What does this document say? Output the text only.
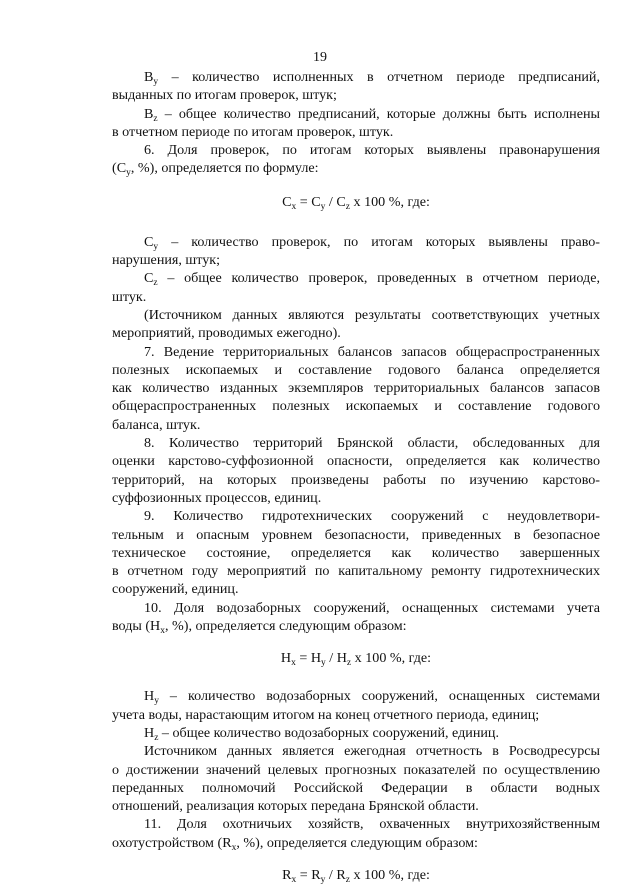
19
$B_y$ – количество исполненных в отчетном периоде предписаний,
выданных по итогам проверок, штук;
$B_z$ – общее количество предписаний, которые должны быть исполнены
в отчетном периоде по итогам проверок, штук.
6. Доля проверок, по итогам которых выявлены правонарушения
($C_y$, %), определяется по формуле:
$C_x = C_y / C_z$ x 100 %, где:
$C_y$ – количество проверок, по итогам которых выявлены право-
нарушения, штук;
$C_z$ – общее количество проверок, проведенных в отчетном периоде,
штук.
(Источником данных являются результаты соответствующих учетных
мероприятий, проводимых ежегодно).
7. Ведение территориальных балансов запасов общераспространенных
полезных ископаемых и составление годового баланса определяется
как количество изданных экземпляров территориальных балансов запасов
общераспространенных полезных ископаемых и составление годового
баланса, штук.
8. Количество территорий Брянской области, обследованных для
оценки карстово-суффозионной опасности, определяется как количество
территорий, на которых произведены работы по изучению карстово-
суффозионных процессов, единиц.
9. Количество гидротехнических сооружений с неудовлетвори-
тельным и опасным уровнем безопасности, приведенных в безопасное
техническое состояние, определяется как количество завершенных
в отчетном году мероприятий по капитальному ремонту гидротехнических
сооружений, единиц.
10. Доля водозаборных сооружений, оснащенных системами учета
воды ($H_x$, %), определяется следующим образом:
$H_x = H_y / H_z$ x 100 %, где:
$H_y$ – количество водозаборных сооружений, оснащенных системами
учета воды, нарастающим итогом на конец отчетного периода, единиц;
$H_z$ – общее количество водозаборных сооружений, единиц.
Источником данных является ежегодная отчетность в Росводресурсы
о достижении значений целевых прогнозных показателей по осуществлению
переданных полномочий Российской Федерации в области водных
отношений, реализация которых передана Брянской области.
11. Доля охотничьих хозяйств, охваченных внутрихозяйственным
охотустройством ($R_x$, %), определяется следующим образом:
$R_x = R_y / R_z$ x 100 %, где:
